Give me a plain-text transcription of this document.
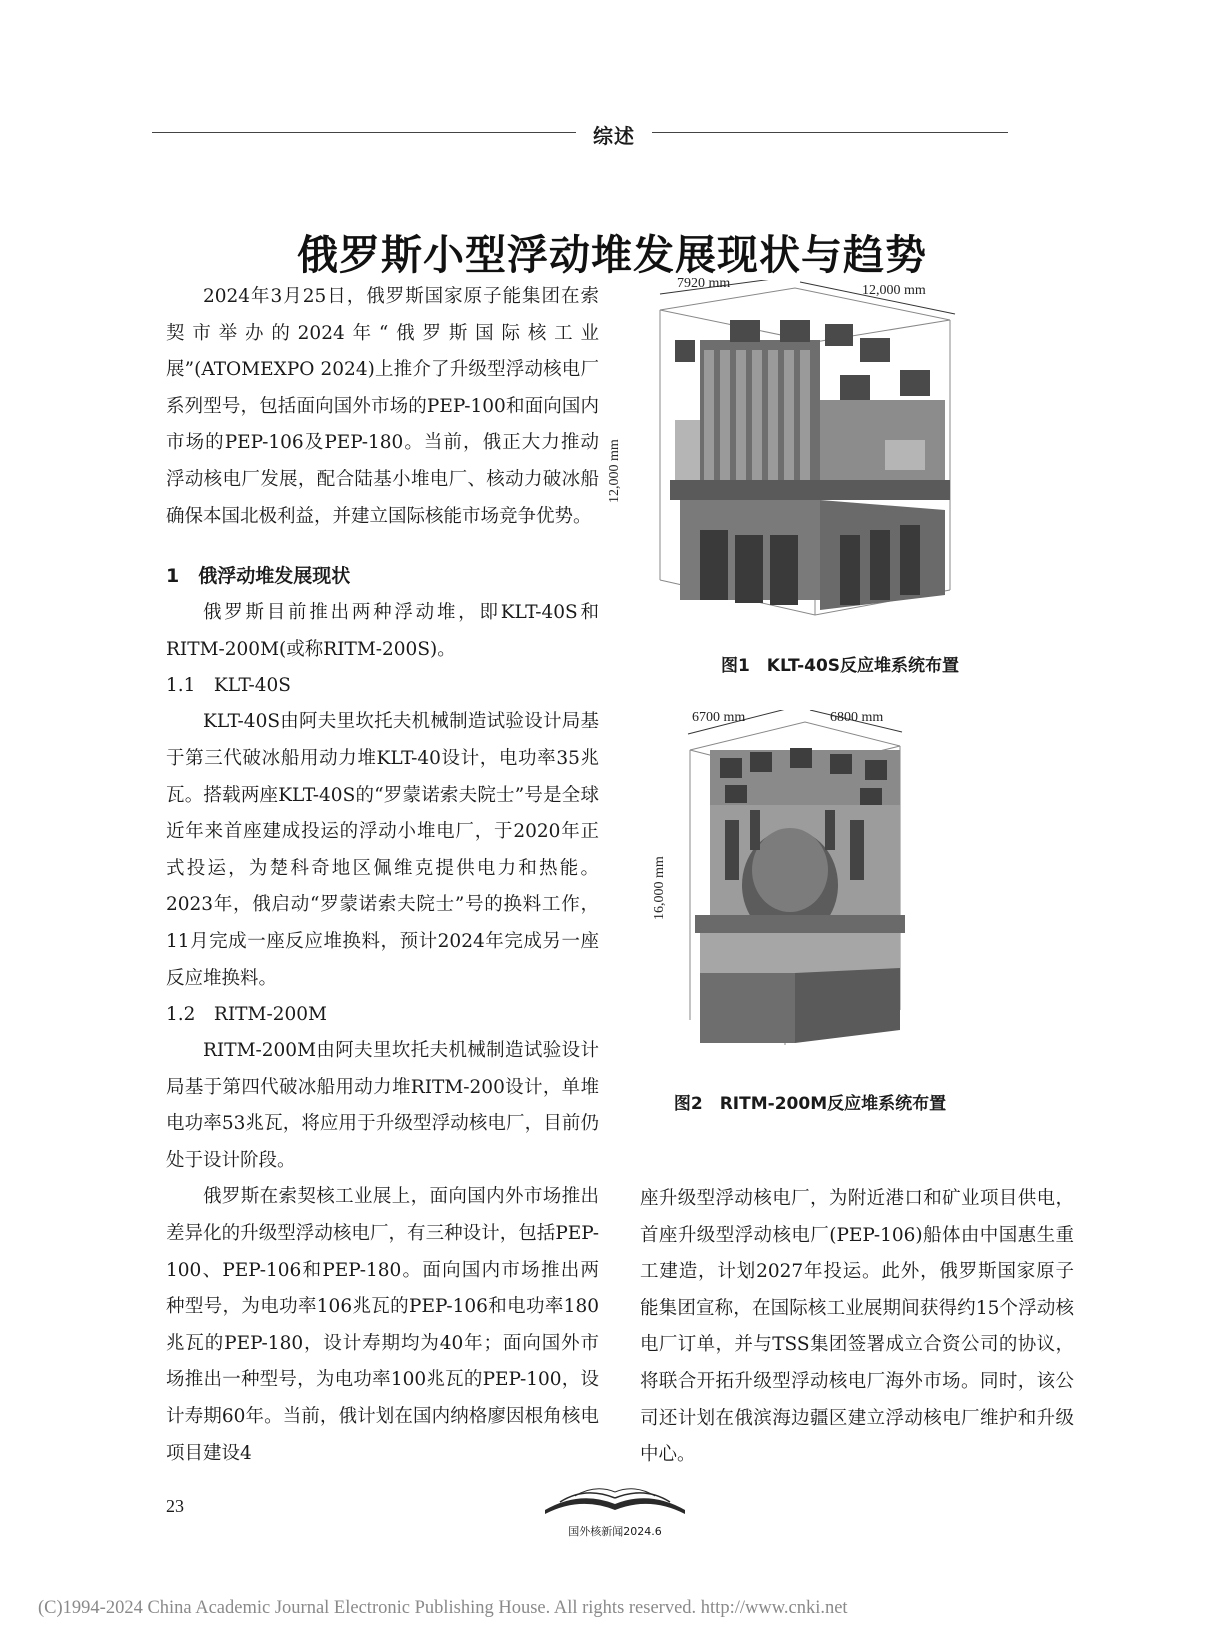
综述
俄罗斯小型浮动堆发展现状与趋势

2024年3月25日，俄罗斯国家原子能集团在索契市举办的2024年“俄罗斯国际核工业展”(ATOMEXPO 2024)上推介了升级型浮动核电厂系列型号，包括面向国外市场的PEP-100和面向国内市场的PEP-106及PEP-180。当前，俄正大力推动浮动核电厂发展，配合陆基小堆电厂、核动力破冰船确保本国北极利益，并建立国际核能市场竞争优势。

1　俄浮动堆发展现状

俄罗斯目前推出两种浮动堆，即KLT-40S和RITM-200M(或称RITM-200S)。

1.1　KLT-40S

KLT-40S由阿夫里坎托夫机械制造试验设计局基于第三代破冰船用动力堆KLT-40设计，电功率35兆瓦。搭载两座KLT-40S的“罗蒙诺索夫院士”号是全球近年来首座建成投运的浮动小堆电厂，于2020年正式投运，为楚科奇地区佩维克提供电力和热能。2023年，俄启动“罗蒙诺索夫院士”号的换料工作，11月完成一座反应堆换料，预计2024年完成另一座反应堆换料。

1.2　RITM-200M

RITM-200M由阿夫里坎托夫机械制造试验设计局基于第四代破冰船用动力堆RITM-200设计，单堆电功率53兆瓦，将应用于升级型浮动核电厂，目前仍处于设计阶段。

俄罗斯在索契核工业展上，面向国内外市场推出差异化的升级型浮动核电厂，有三种设计，包括PEP-100、PEP-106和PEP-180。面向国内市场推出两种型号，为电功率106兆瓦的PEP-106和电功率180兆瓦的PEP-180，设计寿期均为40年；面向国外市场推出一种型号，为电功率100兆瓦的PEP-100，设计寿期60年。当前，俄计划在国内纳格廖因根角核电项目建设4

座升级型浮动核电厂，为附近港口和矿业项目供电，首座升级型浮动核电厂(PEP-106)船体由中国惠生重工建造，计划2027年投运。此外，俄罗斯国家原子能集团宣称，在国际核工业展期间获得约15个浮动核电厂订单，并与TSS集团签署成立合资公司的协议，将联合开拓升级型浮动核电厂海外市场。同时，该公司还计划在俄滨海边疆区建立浮动核电厂维护和升级中心。

7920 mm	12,000 mm
12,000 mm
图1　KLT-40S反应堆系统布置
6700 mm	6800 mm
16,000 mm
图2　RITM-200M反应堆系统布置
23
国外核新闻2024.6
(C)1994-2024 China Academic Journal Electronic Publishing House. All rights reserved. http://www.cnki.net
